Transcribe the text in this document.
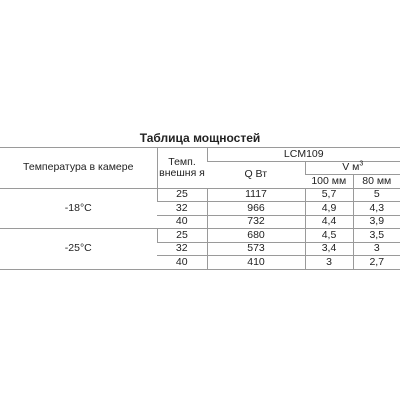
Таблица мощностей
Температура в камере	Темп. внешня я	LCM109		
		Q Вт	V $м^3$
			100 мм	80 мм
-18°C	25	1117	5,7	5
	32	966	4,9	4,3
	40	732	4,4	3,9
-25°C	25	680	4,5	3,5
	32	573	3,4	3
	40	410	3	2,7
